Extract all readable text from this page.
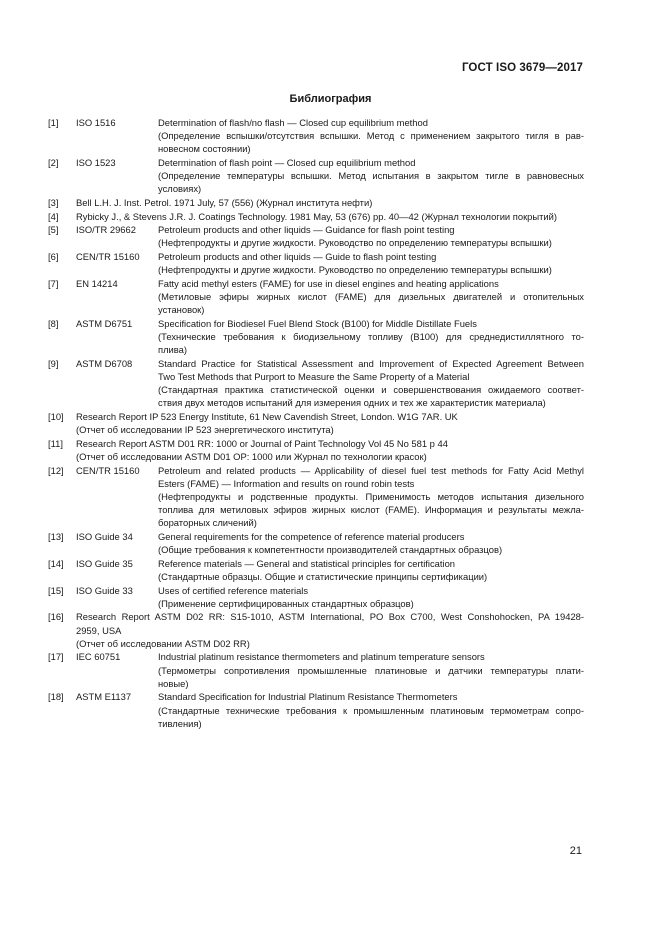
ГОСТ ISO 3679—2017
Библиография
[1] ISO 1516	Determination of flash/no flash — Closed cup equilibrium method
(Определение вспышки/отсутствия вспышки. Метод с применением закрытого тигля в рав-
новесном состоянии)
[2] ISO 1523	Determination of flash point — Closed cup equilibrium method
(Определение температуры вспышки. Метод испытания в закрытом тигле в равновесных
условиях)
[3] Bell L.H. J. Inst. Petrol. 1971 July, 57 (556) (Журнал института нефти)
[4] Rybicky J., & Stevens J.R. J. Coatings Technology. 1981 May, 53 (676) pp. 40—42 (Журнал технологии покрытий)
[5] ISO/TR 29662 Petroleum products and other liquids — Guidance for flash point testing
(Нефтепродукты и другие жидкости. Руководство по определению температуры вспышки)
[6] CEN/TR 15160 Petroleum products and other liquids — Guide to flash point testing
(Нефтепродукты и другие жидкости. Руководство по определению температуры вспышки)
[7] EN 14214	Fatty acid methyl esters (FAME) for use in diesel engines and heating applications
(Метиловые эфиры жирных кислот (FAME) для дизельных двигателей и отопительных
установок)
[8] ASTM D6751	Specification for Biodiesel Fuel Blend Stock (B100) for Middle Distillate Fuels
(Технические требования к биодизельному топливу (B100) для среднедистиллятного то-
плива)
[9] ASTM D6708	Standard Practice for Statistical Assessment and Improvement of Expected Agreement Between
Two Test Methods that Purport to Measure the Same Property of a Material
(Стандартная практика статистической оценки и совершенствования ожидаемого соответ-
ствия двух методов испытаний для измерения одних и тех же характеристик материала)
[10] Research Report IP 523 Energy Institute, 61 New Cavendish Street, London. W1G 7AR. UK
(Отчет об исследовании IP 523 энергетического института)
[11] Research Report ASTM D01 RR: 1000 or Journal of Paint Technology Vol 45 No 581 p 44
(Отчет об исследовании ASTM D01 OP: 1000 или Журнал по технологии красок)
[12] CEN/TR 15160 Petroleum and related products — Applicability of diesel fuel test methods for Fatty Acid Methyl
Esters (FAME) — Information and results on round robin tests
(Нефтепродукты и родственные продукты. Применимость методов испытания дизельного
топлива для метиловых эфиров жирных кислот (FAME). Информация и результаты межла-
бораторных сличений)
[13] ISO Guide 34	General requirements for the competence of reference material producers
(Общие требования к компетентности производителей стандартных образцов)
[14] ISO Guide 35	Reference materials — General and statistical principles for certification
(Стандартные образцы. Общие и статистические принципы сертификации)
[15] ISO Guide 33	Uses of certified reference materials
(Применение сертифицированных стандартных образцов)
[16] Research Report ASTM D02 RR: S15-1010, ASTM International, PO Box C700, West Conshohocken, PA 19428-
2959, USA
(Отчет об исследовании ASTM D02 RR)
[17] IEC 60751	Industrial platinum resistance thermometers and platinum temperature sensors
(Термометры сопротивления промышленные платиновые и датчики температуры плати-
новые)
[18] ASTM E1137	Standard Specification for Industrial Platinum Resistance Thermometers
(Стандартные технические требования к промышленным платиновым термометрам сопро-
тивления)
21
